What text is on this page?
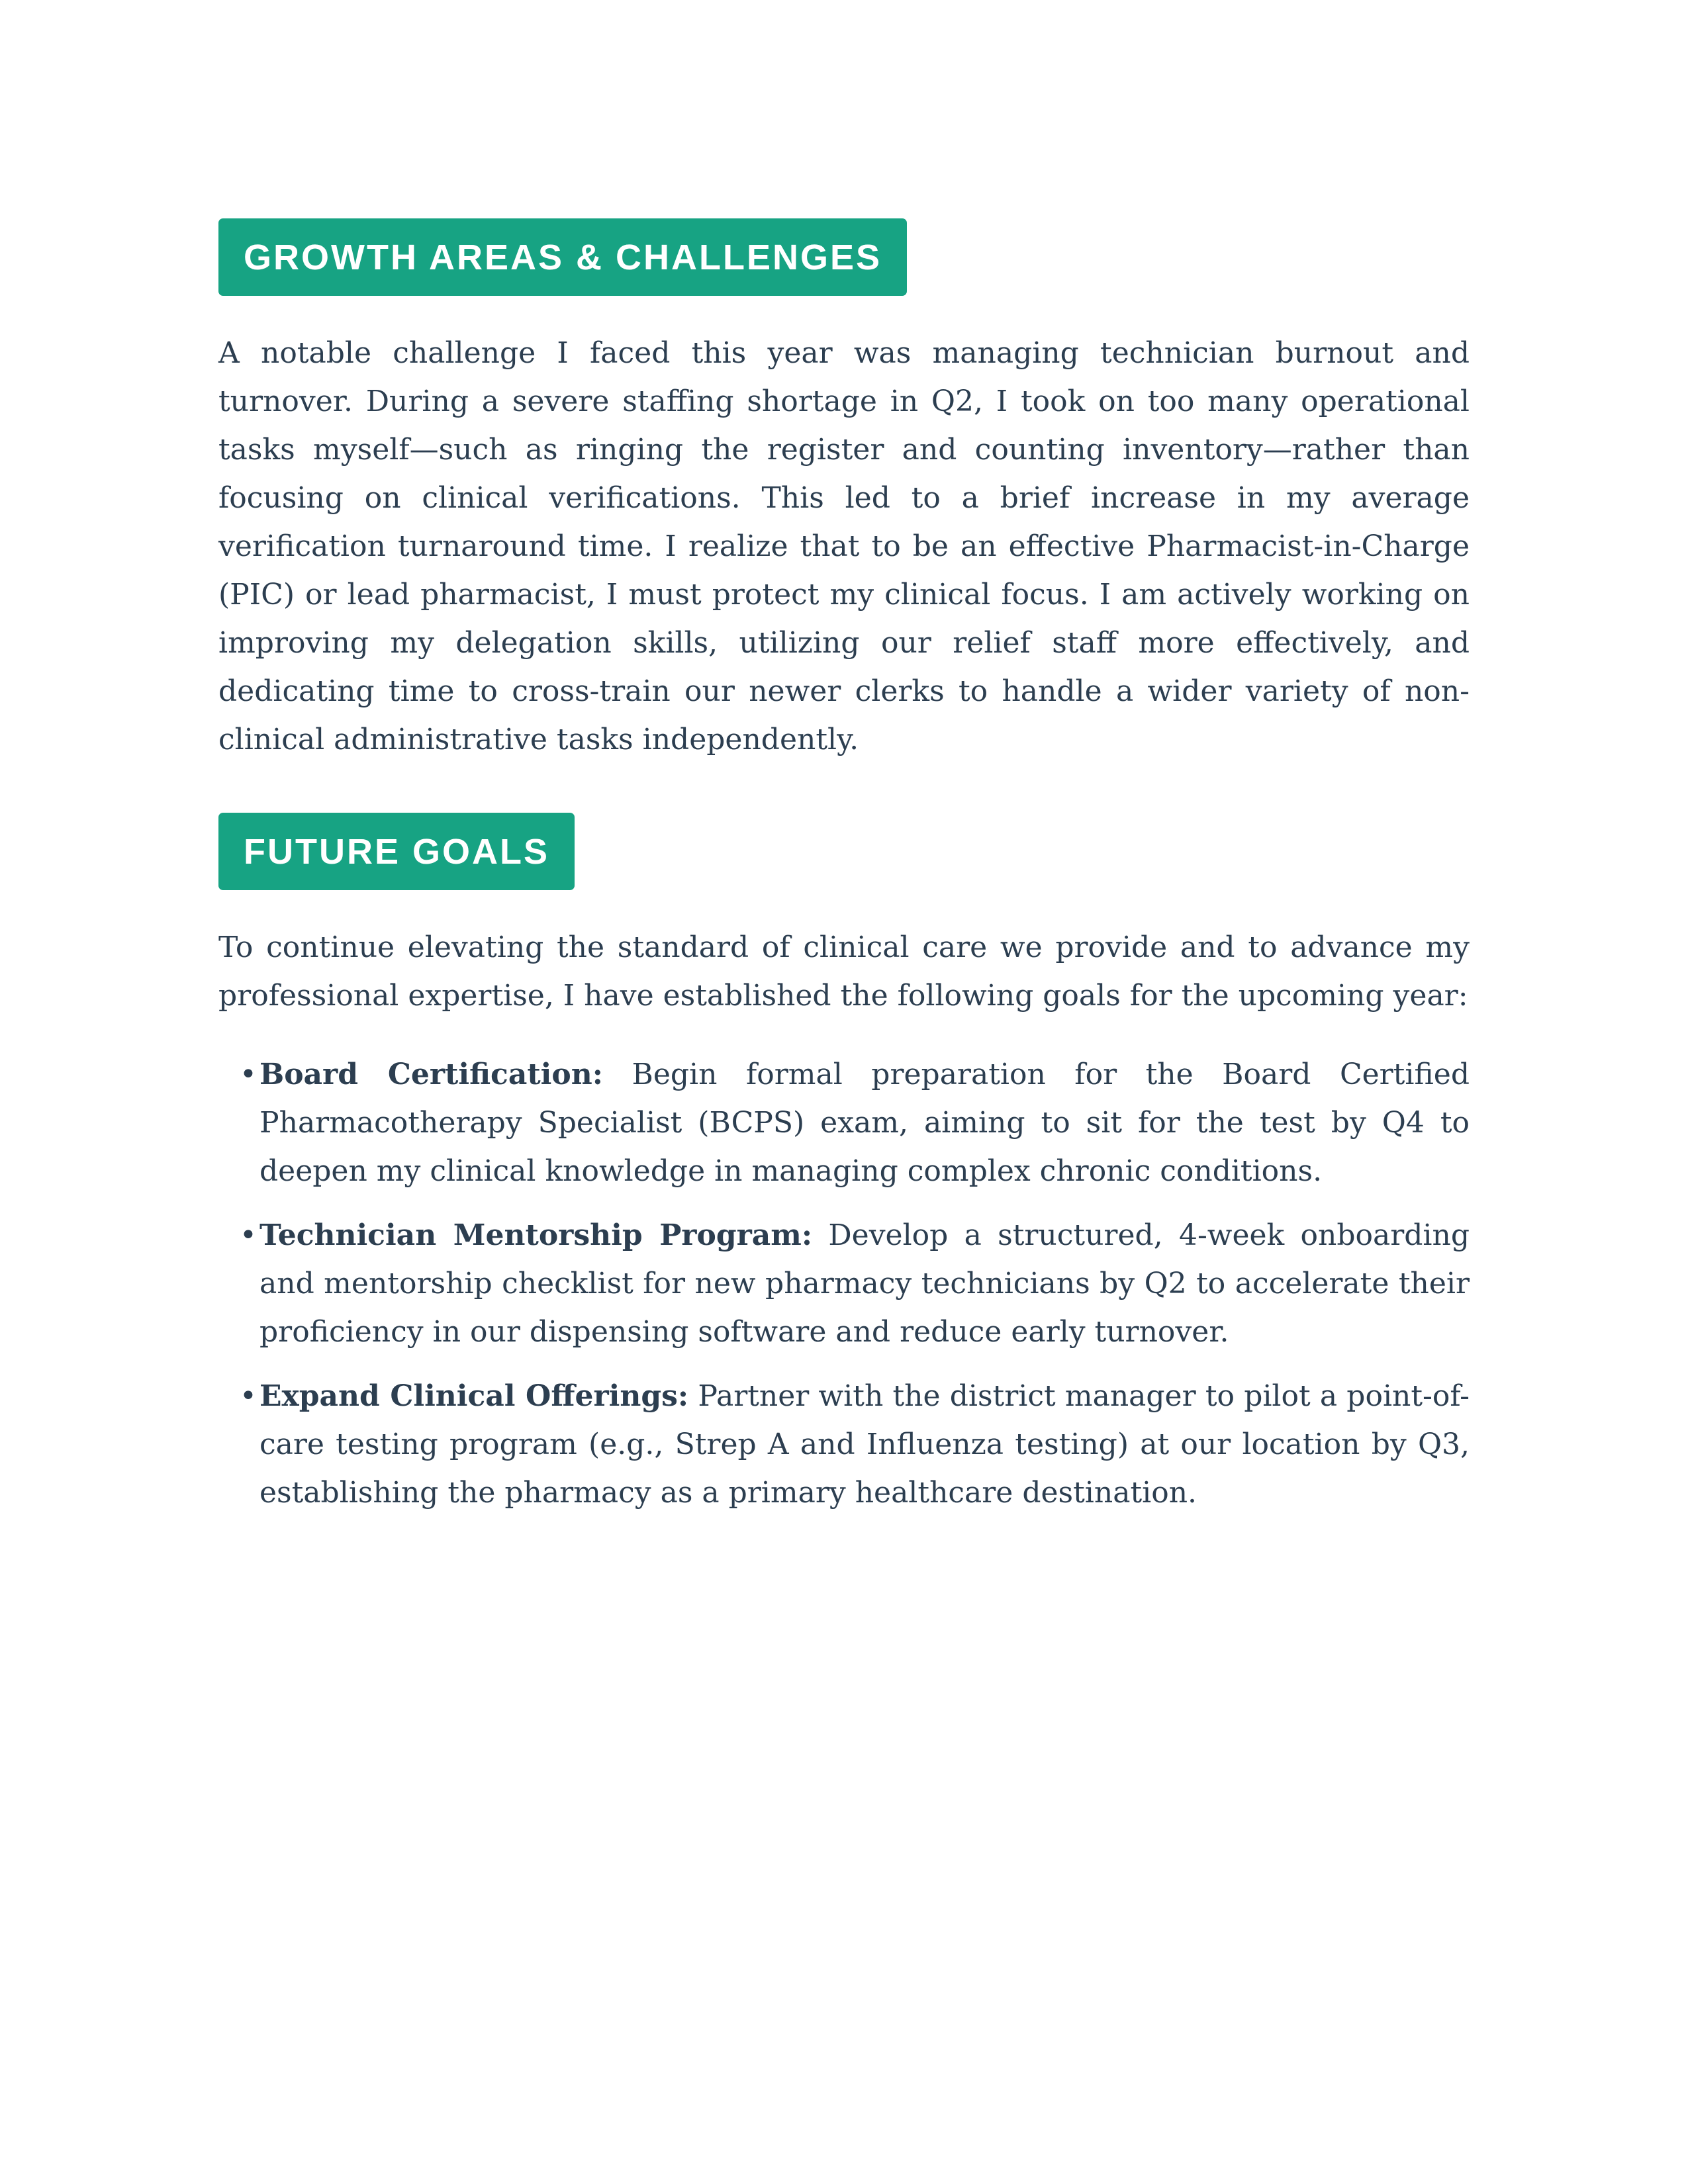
GROWTH AREAS & CHALLENGES

A notable challenge I faced this year was managing technician burnout and turnover. During a severe staffing shortage in Q2, I took on too many operational tasks myself—such as ringing the register and counting inventory—rather than focusing on clinical verifications. This led to a brief increase in my average verification turnaround time. I realize that to be an effective Pharmacist-in-Charge (PIC) or lead pharmacist, I must protect my clinical focus. I am actively working on improving my delegation skills, utilizing our relief staff more effectively, and dedicating time to cross-train our newer clerks to handle a wider variety of non-clinical administrative tasks independently.

FUTURE GOALS

To continue elevating the standard of clinical care we provide and to advance my professional expertise, I have established the following goals for the upcoming year:

• Board Certification: Begin formal preparation for the Board Certified Pharmacotherapy Specialist (BCPS) exam, aiming to sit for the test by Q4 to deepen my clinical knowledge in managing complex chronic conditions.

• Technician Mentorship Program: Develop a structured, 4-week onboarding and mentorship checklist for new pharmacy technicians by Q2 to accelerate their proficiency in our dispensing software and reduce early turnover.

• Expand Clinical Offerings: Partner with the district manager to pilot a point-of-care testing program (e.g., Strep A and Influenza testing) at our location by Q3, establishing the pharmacy as a primary healthcare destination.
